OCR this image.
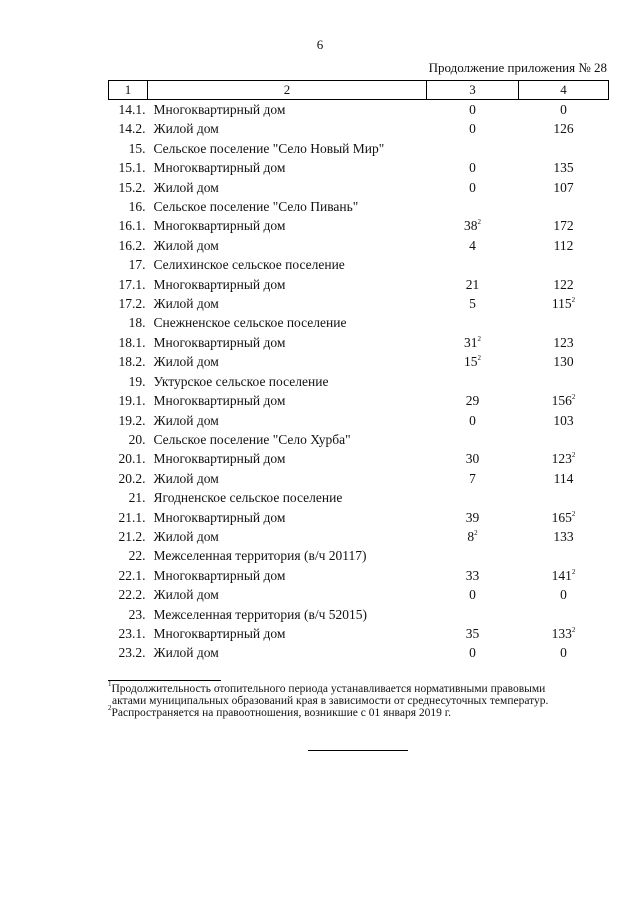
6
Продолжение приложения № 28
1	2	3	4
14.1.	Многоквартирный дом	0	0
14.2.	Жилой дом	0	126
15.	Сельское поселение "Село Новый Мир"		
15.1.	Многоквартирный дом	0	135
15.2.	Жилой дом	0	107
16.	Сельское поселение "Село Пивань"		
16.1.	Многоквартирный дом	$38^2$	172
16.2.	Жилой дом	4	112
17.	Селихинское сельское поселение		
17.1.	Многоквартирный дом	21	122
17.2.	Жилой дом	5	$115^2$
18.	Снежненское сельское поселение		
18.1.	Многоквартирный дом	$31^2$	123
18.2.	Жилой дом	$15^2$	130
19.	Уктурское сельское поселение		
19.1.	Многоквартирный дом	29	$156^2$
19.2.	Жилой дом	0	103
20.	Сельское поселение "Село Хурба"		
20.1.	Многоквартирный дом	30	$123^2$
20.2.	Жилой дом	7	114
21.	Ягодненское сельское поселение		
21.1.	Многоквартирный дом	39	$165^2$
21.2.	Жилой дом	$8^2$	133
22.	Межселенная территория (в/ч 20117)		
22.1.	Многоквартирный дом	33	$141^2$
22.2.	Жилой дом	0	0
23.	Межселенная территория (в/ч 52015)		
23.1.	Многоквартирный дом	35	$133^2$
23.2.	Жилой дом	0	0

$^1$Продолжительность отопительного периода устанавливается нормативными правовыми
актами муниципальных образований края в зависимости от среднесуточных температур.

$^2$Распространяется на правоотношения, возникшие с 01 января 2019 г.
